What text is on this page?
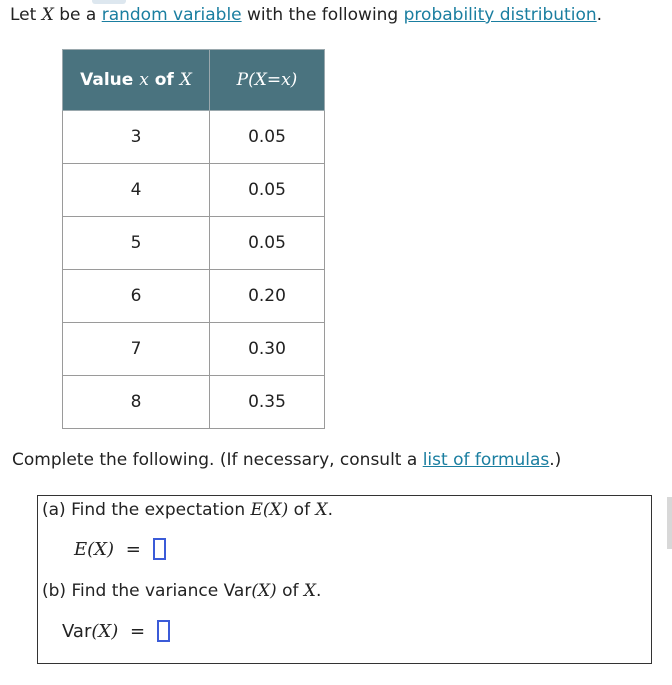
Let X be a random variable with the following probability distribution.
Value x of X	P(X=x)
3	0.05
4	0.05
5	0.05
6	0.20
7	0.30
8	0.35
Complete the following. (If necessary, consult a list of formulas.)
(a) Find the expectation E(X) of X.
E(X) =
(b) Find the variance Var(X) of X.
Var(X) =
